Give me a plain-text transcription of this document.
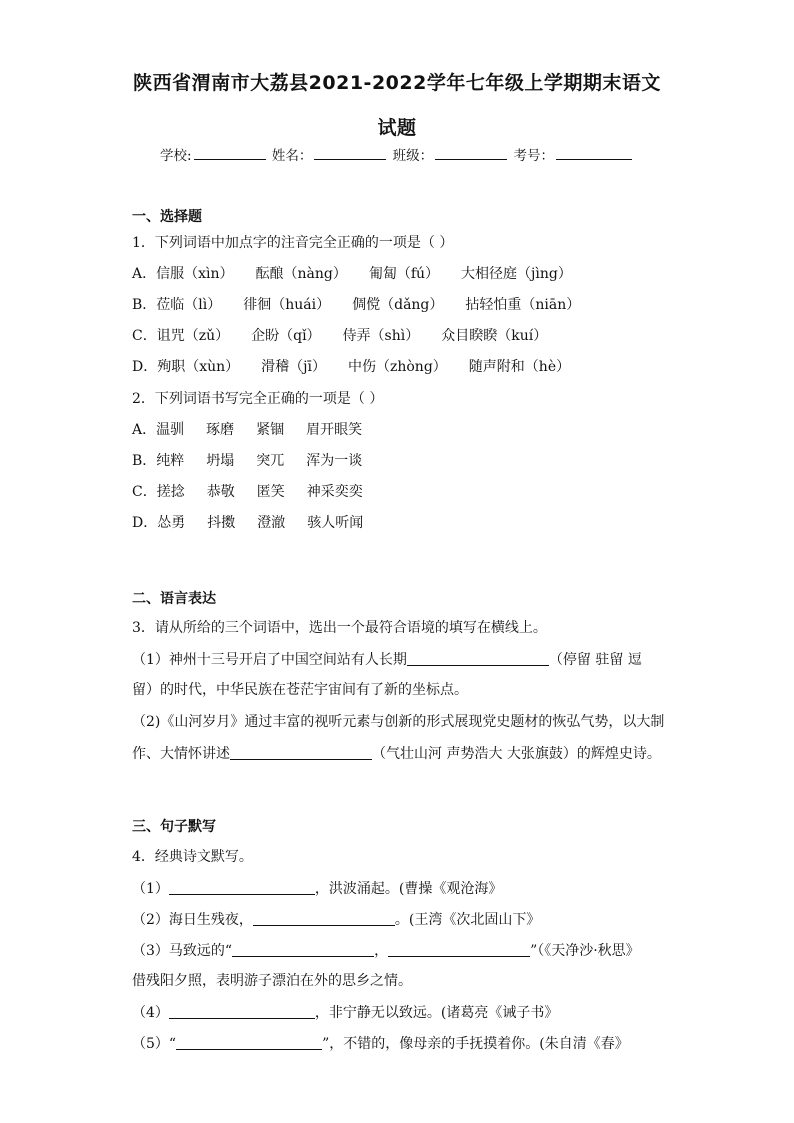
陕西省渭南市大荔县2021-2022学年七年级上学期期末语文
试题
学校:	姓名：	班级：	考号：
一、选择题
1．下列词语中加点字的注音完全正确的一项是（ ）
A．信服（xìn） 酝酿（nàng） 匍匐（fú） 大相径庭（jìng）
B．莅临（lì） 徘徊（huái） 倜傥（dǎng） 拈轻怕重（niān）
C．诅咒（zǔ） 企盼（qǐ） 侍弄（shì） 众目睽睽（kuí）
D．殉职（xùn） 滑稽（jī） 中伤（zhòng） 随声附和（hè）
2．下列词语书写完全正确的一项是（ ）
A．温驯 琢磨 紧锢 眉开眼笑
B．纯粹 坍塌 突兀 浑为一谈
C．搓捻 恭敬 匿笑 神采奕奕
D．怂勇 抖擞 澄澈 骇人听闻
二、语言表达
3．请从所给的三个词语中，选出一个最符合语境的填写在横线上。
（1）神州十三号开启了中国空间站有人长期	（停留 驻留 逗
留）的时代，中华民族在苍茫宇宙间有了新的坐标点。
（2)《山河岁月》通过丰富的视听元素与创新的形式展现党史题材的恢弘气势，以大制
作、大情怀讲述	（气壮山河 声势浩大 大张旗鼓）的辉煌史诗。
三、句子默写
4．经典诗文默写。
（1）	，洪波涌起。(曹操《观沧海》
（2）海日生残夜，	。(王湾《次北固山下》
（3）马致远的“	，	”（《天净沙·秋思》
借残阳夕照，表明游子漂泊在外的思乡之情。
（4）	，非宁静无以致远。(诸葛亮《诫子书》
（5）“	”，不错的，像母亲的手抚摸着你。(朱自清《春》
